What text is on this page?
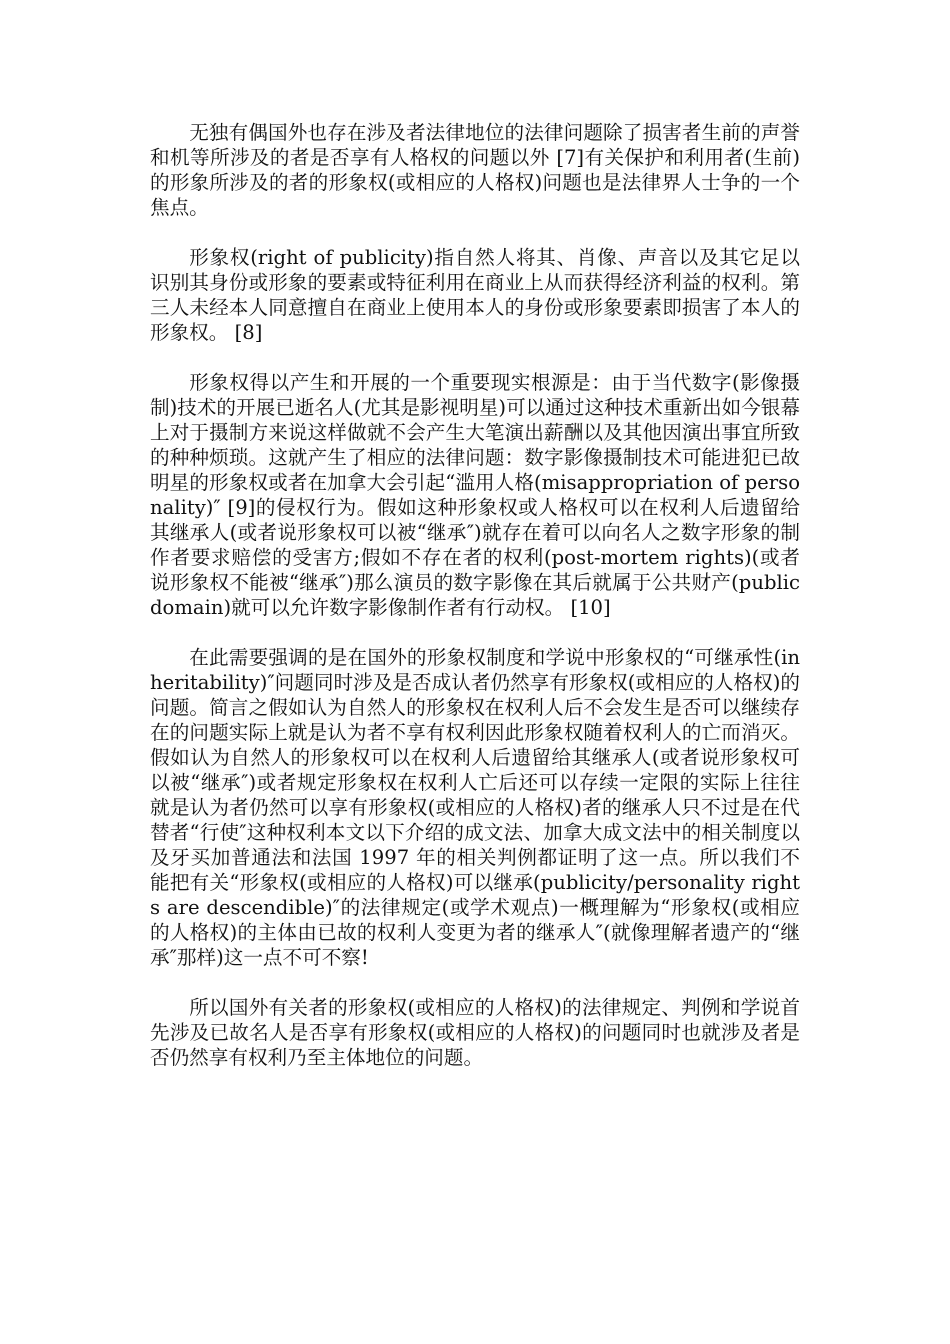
无独有偶国外也存在涉及者法律地位的法律问题除了损害者生前的声誉和机等所涉及的者是否享有人格权的问题以外 [7]有关保护和利用者(生前)的形象所涉及的者的形象权(或相应的人格权)问题也是法律界人士争的一个焦点。

形象权(right of publicity)指自然人将其、肖像、声音以及其它足以识别其身份或形象的要素或特征利用在商业上从而获得经济利益的权利。第三人未经本人同意擅自在商业上使用本人的身份或形象要素即损害了本人的形象权。 [8]

形象权得以产生和开展的一个重要现实根源是：由于当代数字(影像摄制)技术的开展已逝名人(尤其是影视明星)可以通过这种技术重新出如今银幕上对于摄制方来说这样做就不会产生大笔演出薪酬以及其他因演出事宜所致的种种烦琐。这就产生了相应的法律问题：数字影像摄制技术可能进犯已故明星的形象权或者在加拿大会引起“滥用人格(misappropriation of personality)″ [9]的侵权行为。假如这种形象权或人格权可以在权利人后遗留给其继承人(或者说形象权可以被“继承″)就存在着可以向名人之数字形象的制作者要求赔偿的受害方;假如不存在者的权利(post-mortem rights)(或者说形象权不能被“继承″)那么演员的数字影像在其后就属于公共财产(public domain)就可以允许数字影像制作者有行动权。 [10]

在此需要强调的是在国外的形象权制度和学说中形象权的“可继承性(inheritability)″问题同时涉及是否成认者仍然享有形象权(或相应的人格权)的问题。简言之假如认为自然人的形象权在权利人后不会发生是否可以继续存在的问题实际上就是认为者不享有权利因此形象权随着权利人的亡而消灭。假如认为自然人的形象权可以在权利人后遗留给其继承人(或者说形象权可以被“继承″)或者规定形象权在权利人亡后还可以存续一定限的实际上往往就是认为者仍然可以享有形象权(或相应的人格权)者的继承人只不过是在代替者“行使″这种权利本文以下介绍的成文法、加拿大成文法中的相关制度以及牙买加普通法和法国 1997 年的相关判例都证明了这一点。所以我们不能把有关“形象权(或相应的人格权)可以继承(publicity/personality rights are descendible)″的法律规定(或学术观点)一概理解为“形象权(或相应的人格权)的主体由已故的权利人变更为者的继承人″(就像理解者遗产的“继承″那样)这一点不可不察!

所以国外有关者的形象权(或相应的人格权)的法律规定、判例和学说首先涉及已故名人是否享有形象权(或相应的人格权)的问题同时也就涉及者是否仍然享有权利乃至主体地位的问题。
